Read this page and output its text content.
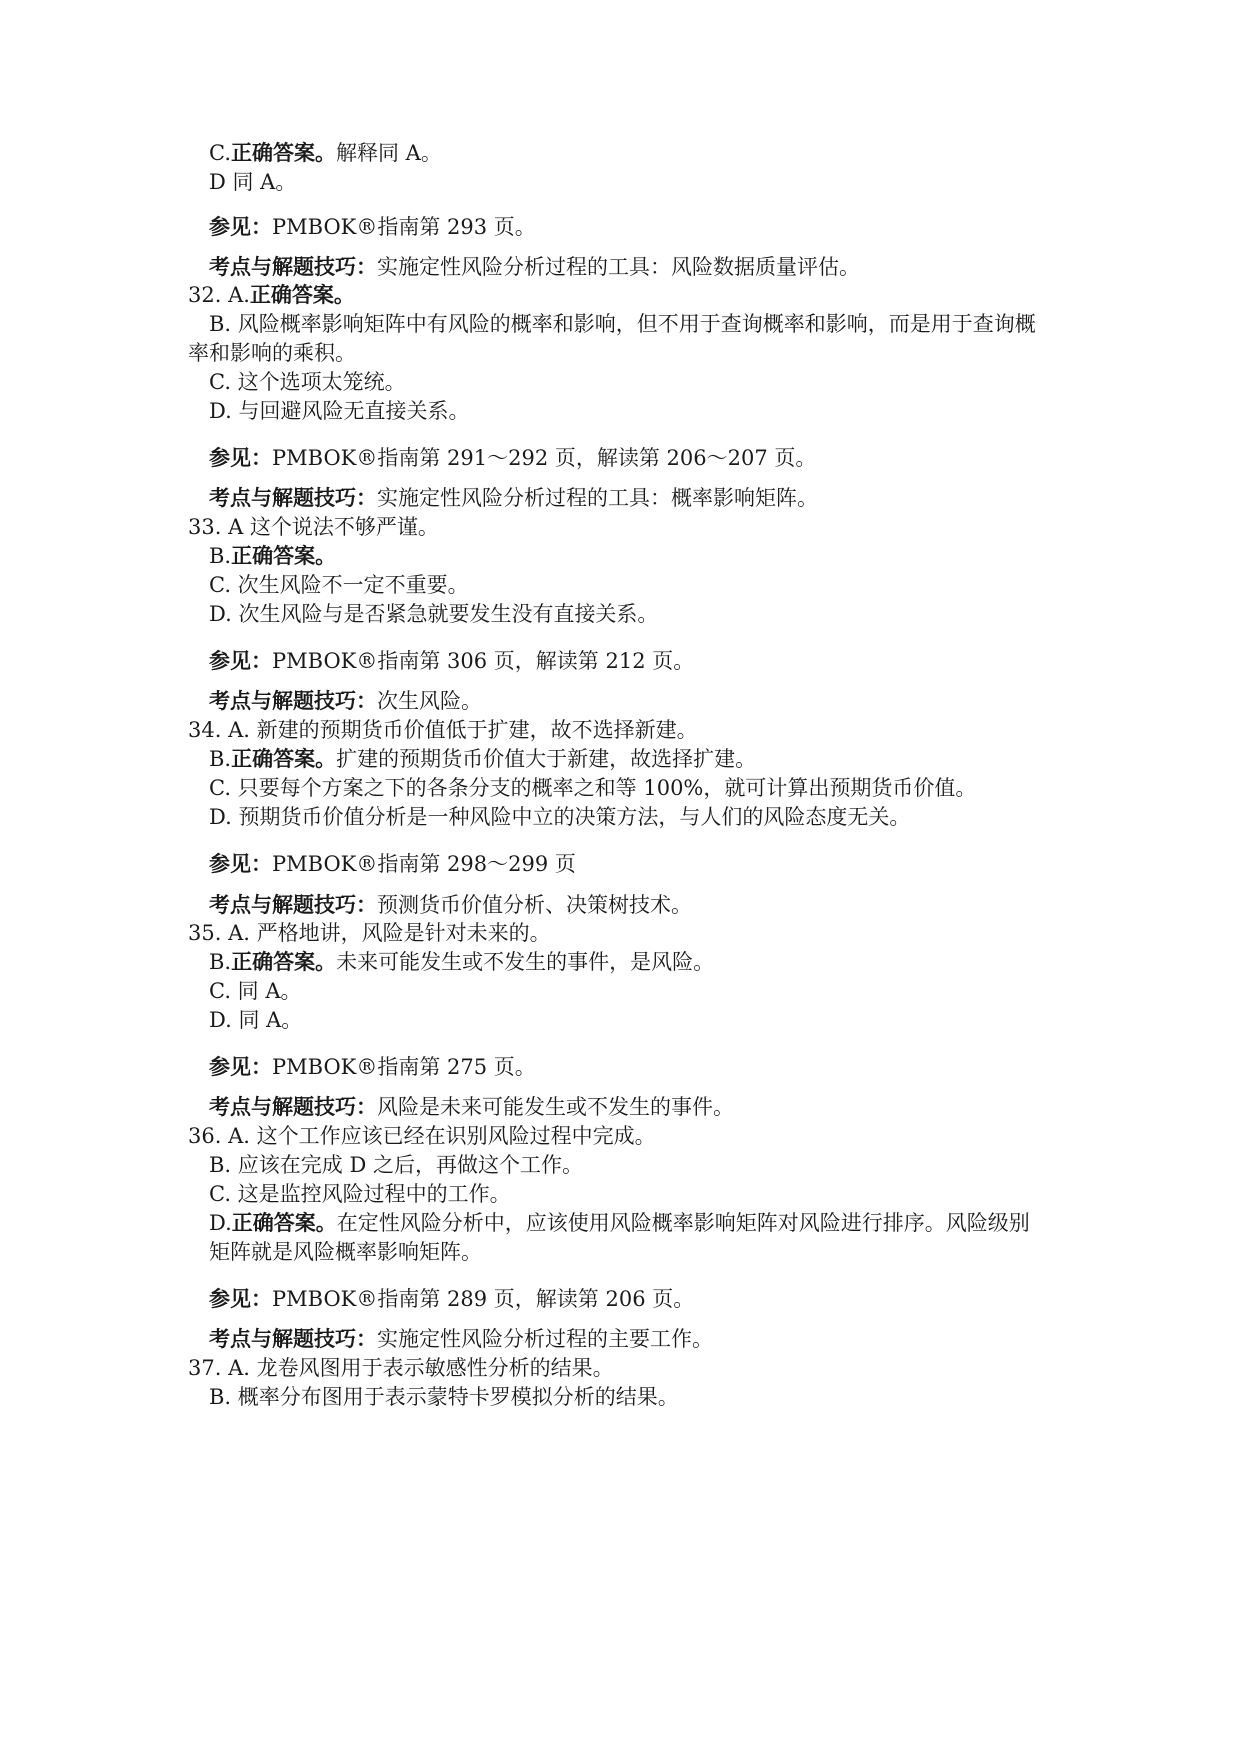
C.正确答案。解释同 A。
D 同 A。
参见：PMBOK®指南第 293 页。
考点与解题技巧：实施定性风险分析过程的工具：风险数据质量评估。
32. A.正确答案。
B. 风险概率影响矩阵中有风险的概率和影响，但不用于查询概率和影响，而是用于查询概
率和影响的乘积。
C. 这个选项太笼统。
D. 与回避风险无直接关系。
参见：PMBOK®指南第 291～292 页，解读第 206～207 页。
考点与解题技巧：实施定性风险分析过程的工具：概率影响矩阵。
33. A 这个说法不够严谨。
B.正确答案。
C. 次生风险不一定不重要。
D. 次生风险与是否紧急就要发生没有直接关系。
参见：PMBOK®指南第 306 页，解读第 212 页。
考点与解题技巧：次生风险。
34. A. 新建的预期货币价值低于扩建，故不选择新建。
B.正确答案。扩建的预期货币价值大于新建，故选择扩建。
C. 只要每个方案之下的各条分支的概率之和等 100%，就可计算出预期货币价值。
D. 预期货币价值分析是一种风险中立的决策方法，与人们的风险态度无关。
参见：PMBOK®指南第 298～299 页
考点与解题技巧：预测货币价值分析、决策树技术。
35. A. 严格地讲，风险是针对未来的。
B.正确答案。未来可能发生或不发生的事件，是风险。
C. 同 A。
D. 同 A。
参见：PMBOK®指南第 275 页。
考点与解题技巧：风险是未来可能发生或不发生的事件。
36. A. 这个工作应该已经在识别风险过程中完成。
B. 应该在完成 D 之后，再做这个工作。
C. 这是监控风险过程中的工作。
D.正确答案。在定性风险分析中，应该使用风险概率影响矩阵对风险进行排序。风险级别
矩阵就是风险概率影响矩阵。
参见：PMBOK®指南第 289 页，解读第 206 页。
考点与解题技巧：实施定性风险分析过程的主要工作。
37. A. 龙卷风图用于表示敏感性分析的结果。
B. 概率分布图用于表示蒙特卡罗模拟分析的结果。
